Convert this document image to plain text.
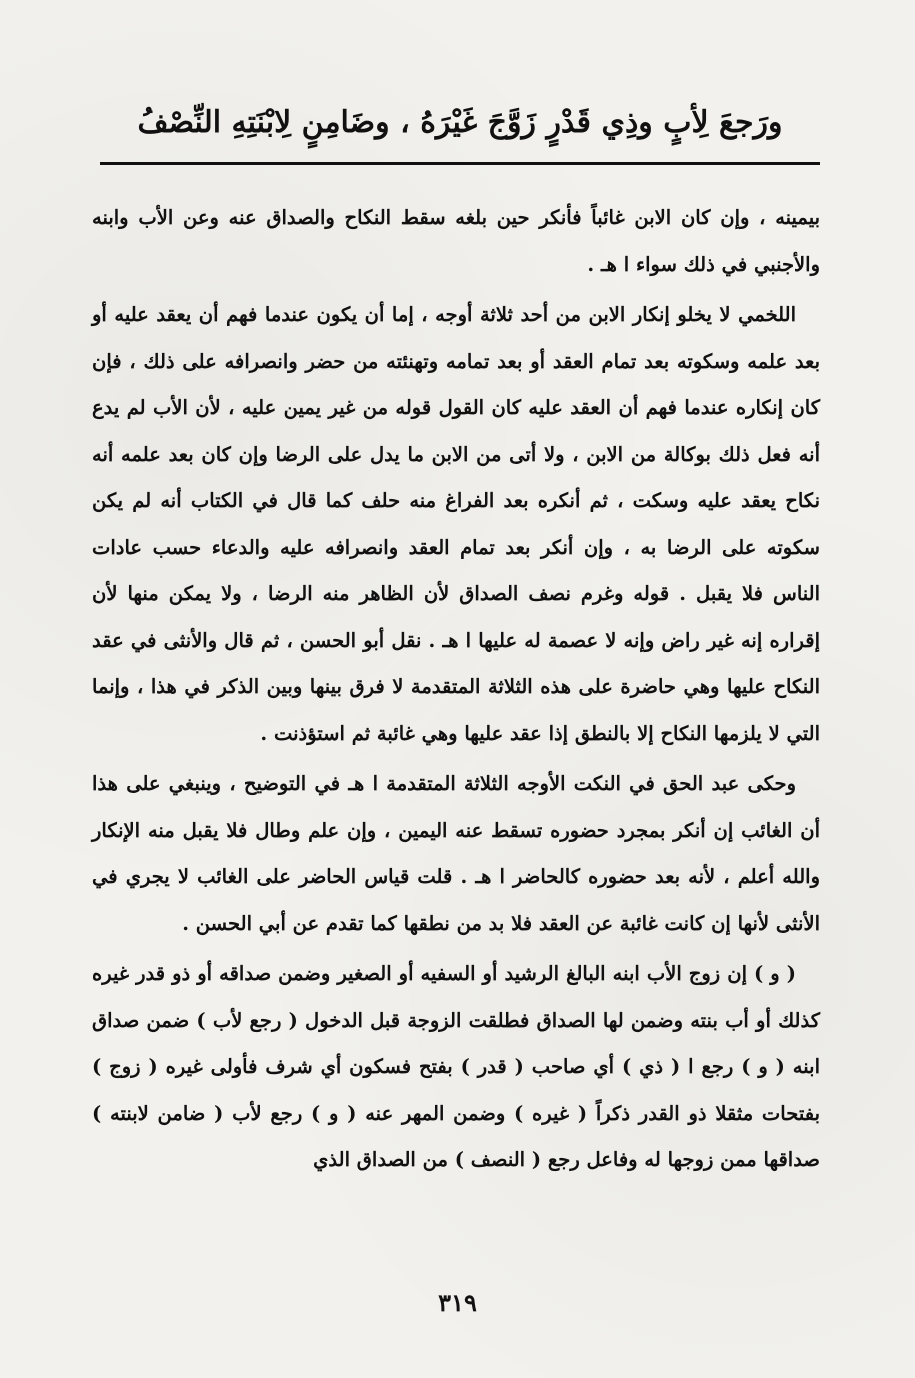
ورَجعَ لِأبٍ وذِي قَدْرٍ زَوَّجَ غَيْرَهُ ، وضَامِنٍ لِابْنَتِهِ النِّصْفُ

بيمينه ، وإن كان الابن غائباً فأنكر حين بلغه سقط النكاح والصداق عنه وعن الأب وابنه والأجنبي في ذلك سواء ا هـ .

اللخمي لا يخلو إنكار الابن من أحد ثلاثة أوجه ، إما أن يكون عندما فهم أن يعقد عليه أو بعد علمه وسكوته بعد تمام العقد أو بعد تمامه وتهنئته من حضر وانصرافه على ذلك ، فإن كان إنكاره عندما فهم أن العقد عليه كان القول قوله من غير يمين عليه ، لأن الأب لم يدع أنه فعل ذلك بوكالة من الابن ، ولا أتى من الابن ما يدل على الرضا وإن كان بعد علمه أنه نكاح يعقد عليه وسكت ، ثم أنكره بعد الفراغ منه حلف كما قال في الكتاب أنه لم يكن سكوته على الرضا به ، وإن أنكر بعد تمام العقد وانصرافه عليه والدعاء حسب عادات الناس فلا يقبل . قوله وغرم نصف الصداق لأن الظاهر منه الرضا ، ولا يمكن منها لأن إقراره إنه غير راض وإنه لا عصمة له عليها ا هـ . نقل أبو الحسن ، ثم قال والأنثى في عقد النكاح عليها وهي حاضرة على هذه الثلاثة المتقدمة لا فرق بينها وبين الذكر في هذا ، وإنما التي لا يلزمها النكاح إلا بالنطق إذا عقد عليها وهي غائبة ثم استؤذنت .

وحكى عبد الحق في النكت الأوجه الثلاثة المتقدمة ا هـ في التوضيح ، وينبغي على هذا أن الغائب إن أنكر بمجرد حضوره تسقط عنه اليمين ، وإن علم وطال فلا يقبل منه الإنكار والله أعلم ، لأنه بعد حضوره كالحاضر ا هـ . قلت قياس الحاضر على الغائب لا يجري في الأنثى لأنها إن كانت غائبة عن العقد فلا بد من نطقها كما تقدم عن أبي الحسن .

( و ) إن زوج الأب ابنه البالغ الرشيد أو السفيه أو الصغير وضمن صداقه أو ذو قدر غيره كذلك أو أب بنته وضمن لها الصداق فطلقت الزوجة قبل الدخول ( رجع لأب ) ضمن صداق ابنه ( و ) رجع ا ( ذي ) أي صاحب ( قدر ) بفتح فسكون أي شرف فأولى غيره ( زوج ) بفتحات مثقلا ذو القدر ذكراً ( غيره ) وضمن المهر عنه ( و ) رجع لأب ( ضامن لابنته ) صداقها ممن زوجها له وفاعل رجع ( النصف ) من الصداق الذي

٣١٩
